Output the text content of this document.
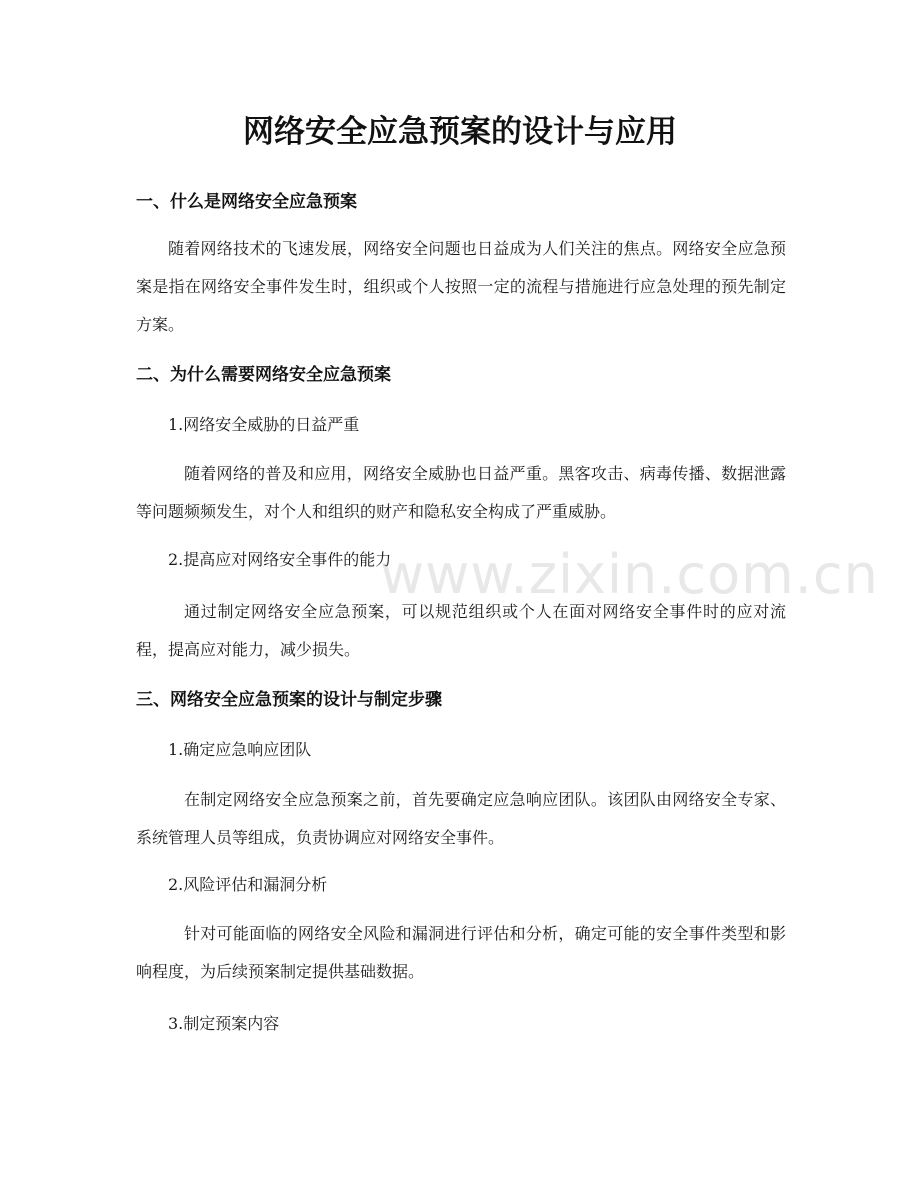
网络安全应急预案的设计与应用
一、什么是网络安全应急预案
随着网络技术的飞速发展，网络安全问题也日益成为人们关注的焦点。网络安全应急预案是指在网络安全事件发生时，组织或个人按照一定的流程与措施进行应急处理的预先制定方案。
二、为什么需要网络安全应急预案
1.网络安全威胁的日益严重
随着网络的普及和应用，网络安全威胁也日益严重。黑客攻击、病毒传播、数据泄露等问题频频发生，对个人和组织的财产和隐私安全构成了严重威胁。
2.提高应对网络安全事件的能力
通过制定网络安全应急预案，可以规范组织或个人在面对网络安全事件时的应对流程，提高应对能力，减少损失。
三、网络安全应急预案的设计与制定步骤
1.确定应急响应团队
在制定网络安全应急预案之前，首先要确定应急响应团队。该团队由网络安全专家、系统管理人员等组成，负责协调应对网络安全事件。
2.风险评估和漏洞分析
针对可能面临的网络安全风险和漏洞进行评估和分析，确定可能的安全事件类型和影响程度，为后续预案制定提供基础数据。
3.制定预案内容
www.zixin.com.cn
